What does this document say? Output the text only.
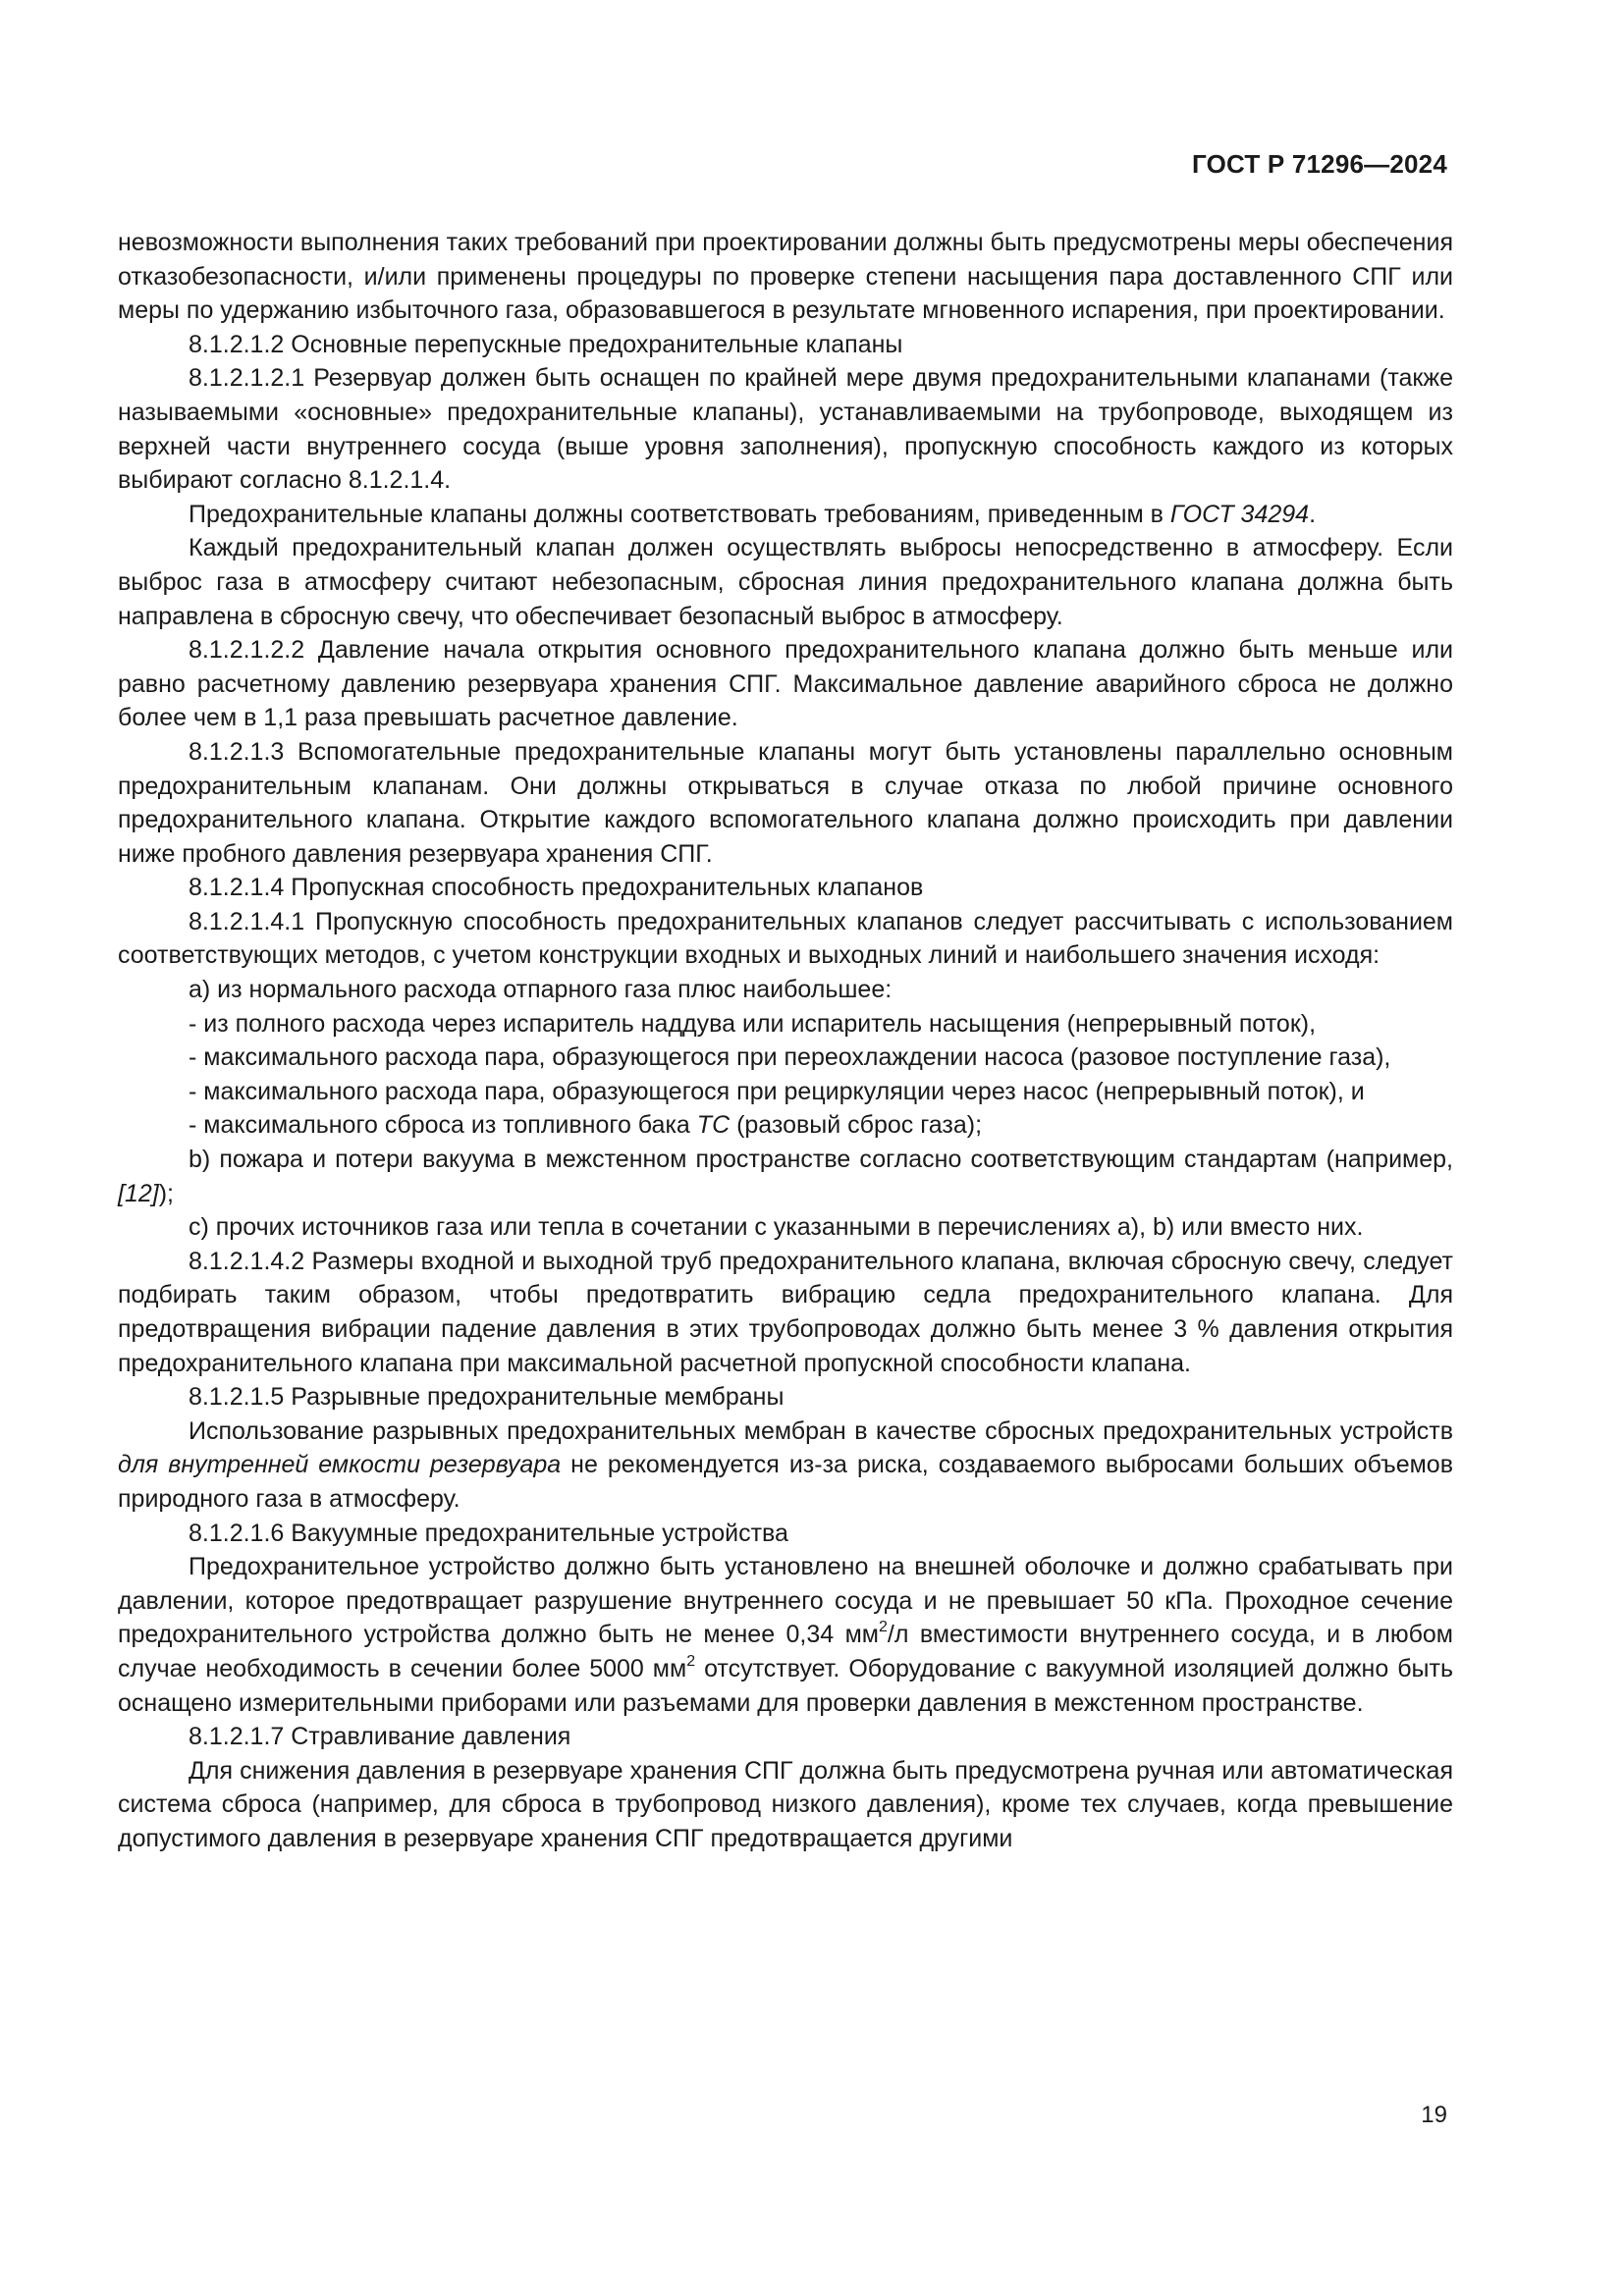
ГОСТ Р 71296—2024

невозможности выполнения таких требований при проектировании должны быть предусмотрены меры обеспечения отказобезопасности, и/или применены процедуры по проверке степени насыщения пара доставленного СПГ или меры по удержанию избыточного газа, образовавшегося в результате мгновенного испарения, при проектировании.

8.1.2.1.2 Основные перепускные предохранительные клапаны

8.1.2.1.2.1 Резервуар должен быть оснащен по крайней мере двумя предохранительными клапанами (также называемыми «основные» предохранительные клапаны), устанавливаемыми на трубопроводе, выходящем из верхней части внутреннего сосуда (выше уровня заполнения), пропускную способность каждого из которых выбирают согласно 8.1.2.1.4.

Предохранительные клапаны должны соответствовать требованиям, приведенным в ГОСТ 34294.

Каждый предохранительный клапан должен осуществлять выбросы непосредственно в атмосферу. Если выброс газа в атмосферу считают небезопасным, сбросная линия предохранительного клапана должна быть направлена в сбросную свечу, что обеспечивает безопасный выброс в атмосферу.

8.1.2.1.2.2 Давление начала открытия основного предохранительного клапана должно быть меньше или равно расчетному давлению резервуара хранения СПГ. Максимальное давление аварийного сброса не должно более чем в 1,1 раза превышать расчетное давление.

8.1.2.1.3 Вспомогательные предохранительные клапаны могут быть установлены параллельно основным предохранительным клапанам. Они должны открываться в случае отказа по любой причине основного предохранительного клапана. Открытие каждого вспомогательного клапана должно происходить при давлении ниже пробного давления резервуара хранения СПГ.

8.1.2.1.4 Пропускная способность предохранительных клапанов

8.1.2.1.4.1 Пропускную способность предохранительных клапанов следует рассчитывать с использованием соответствующих методов, с учетом конструкции входных и выходных линий и наибольшего значения исходя:

a) из нормального расхода отпарного газа плюс наибольшее:

- из полного расхода через испаритель наддува или испаритель насыщения (непрерывный поток),

- максимального расхода пара, образующегося при переохлаждении насоса (разовое поступление газа),

- максимального расхода пара, образующегося при рециркуляции через насос (непрерывный поток), и

- максимального сброса из топливного бака ТС (разовый сброс газа);

b) пожара и потери вакуума в межстенном пространстве согласно соответствующим стандартам (например, [12]);

c) прочих источников газа или тепла в сочетании с указанными в перечислениях а), b) или вместо них.

8.1.2.1.4.2 Размеры входной и выходной труб предохранительного клапана, включая сбросную свечу, следует подбирать таким образом, чтобы предотвратить вибрацию седла предохранительного клапана. Для предотвращения вибрации падение давления в этих трубопроводах должно быть менее 3 % давления открытия предохранительного клапана при максимальной расчетной пропускной способности клапана.

8.1.2.1.5 Разрывные предохранительные мембраны

Использование разрывных предохранительных мембран в качестве сбросных предохранительных устройств для внутренней емкости резервуара не рекомендуется из-за риска, создаваемого выбросами больших объемов природного газа в атмосферу.

8.1.2.1.6 Вакуумные предохранительные устройства

Предохранительное устройство должно быть установлено на внешней оболочке и должно срабатывать при давлении, которое предотвращает разрушение внутреннего сосуда и не превышает 50 кПа. Проходное сечение предохранительного устройства должно быть не менее 0,34 $мм^2/л$ вместимости внутреннего сосуда, и в любом случае необходимость в сечении более 5000 $мм^2$ отсутствует. Оборудование с вакуумной изоляцией должно быть оснащено измерительными приборами или разъемами для проверки давления в межстенном пространстве.

8.1.2.1.7 Стравливание давления

Для снижения давления в резервуаре хранения СПГ должна быть предусмотрена ручная или автоматическая система сброса (например, для сброса в трубопровод низкого давления), кроме тех случаев, когда превышение допустимого давления в резервуаре хранения СПГ предотвращается другими

19
